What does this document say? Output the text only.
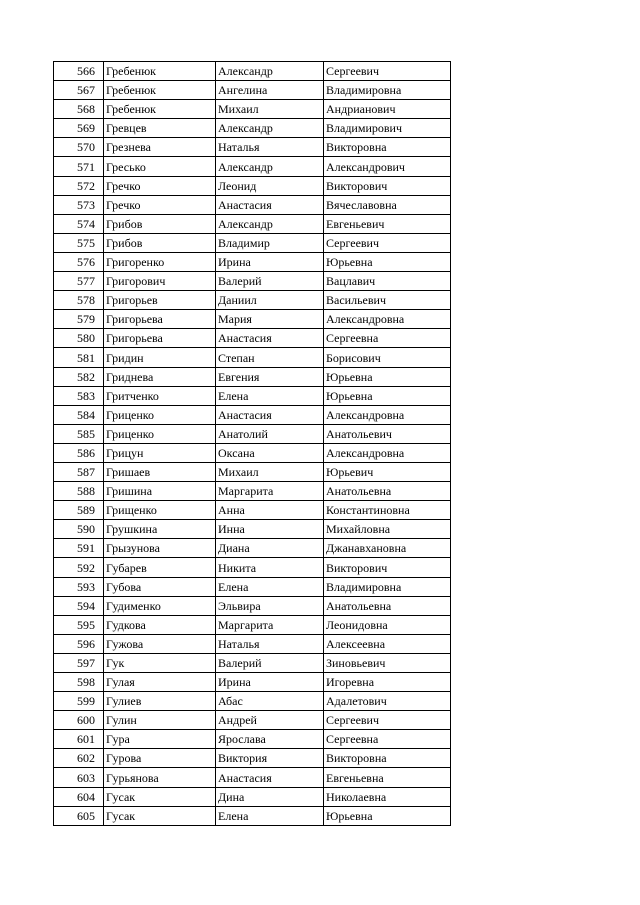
566	Гребенюк	Александр	Сергеевич
567	Гребенюк	Ангелина	Владимировна
568	Гребенюк	Михаил	Андрианович
569	Гревцев	Александр	Владимирович
570	Грезнева	Наталья	Викторовна
571	Гресько	Александр	Александрович
572	Гречко	Леонид	Викторович
573	Гречко	Анастасия	Вячеславовна
574	Грибов	Александр	Евгеньевич
575	Грибов	Владимир	Сергеевич
576	Григоренко	Ирина	Юрьевна
577	Григорович	Валерий	Вацлавич
578	Григорьев	Даниил	Васильевич
579	Григорьева	Мария	Александровна
580	Григорьева	Анастасия	Сергеевна
581	Гридин	Степан	Борисович
582	Гриднева	Евгения	Юрьевна
583	Гритченко	Елена	Юрьевна
584	Гриценко	Анастасия	Александровна
585	Гриценко	Анатолий	Анатольевич
586	Грицун	Оксана	Александровна
587	Гришаев	Михаил	Юрьевич
588	Гришина	Маргарита	Анатольевна
589	Грищенко	Анна	Константиновна
590	Грушкина	Инна	Михайловна
591	Грызунова	Диана	Джанавхановна
592	Губарев	Никита	Викторович
593	Губова	Елена	Владимировна
594	Гудименко	Эльвира	Анатольевна
595	Гудкова	Маргарита	Леонидовна
596	Гужова	Наталья	Алексеевна
597	Гук	Валерий	Зиновьевич
598	Гулая	Ирина	Игоревна
599	Гулиев	Абас	Адалетович
600	Гулин	Андрей	Сергеевич
601	Гура	Ярослава	Сергеевна
602	Гурова	Виктория	Викторовна
603	Гурьянова	Анастасия	Евгеньевна
604	Гусак	Дина	Николаевна
605	Гусак	Елена	Юрьевна
